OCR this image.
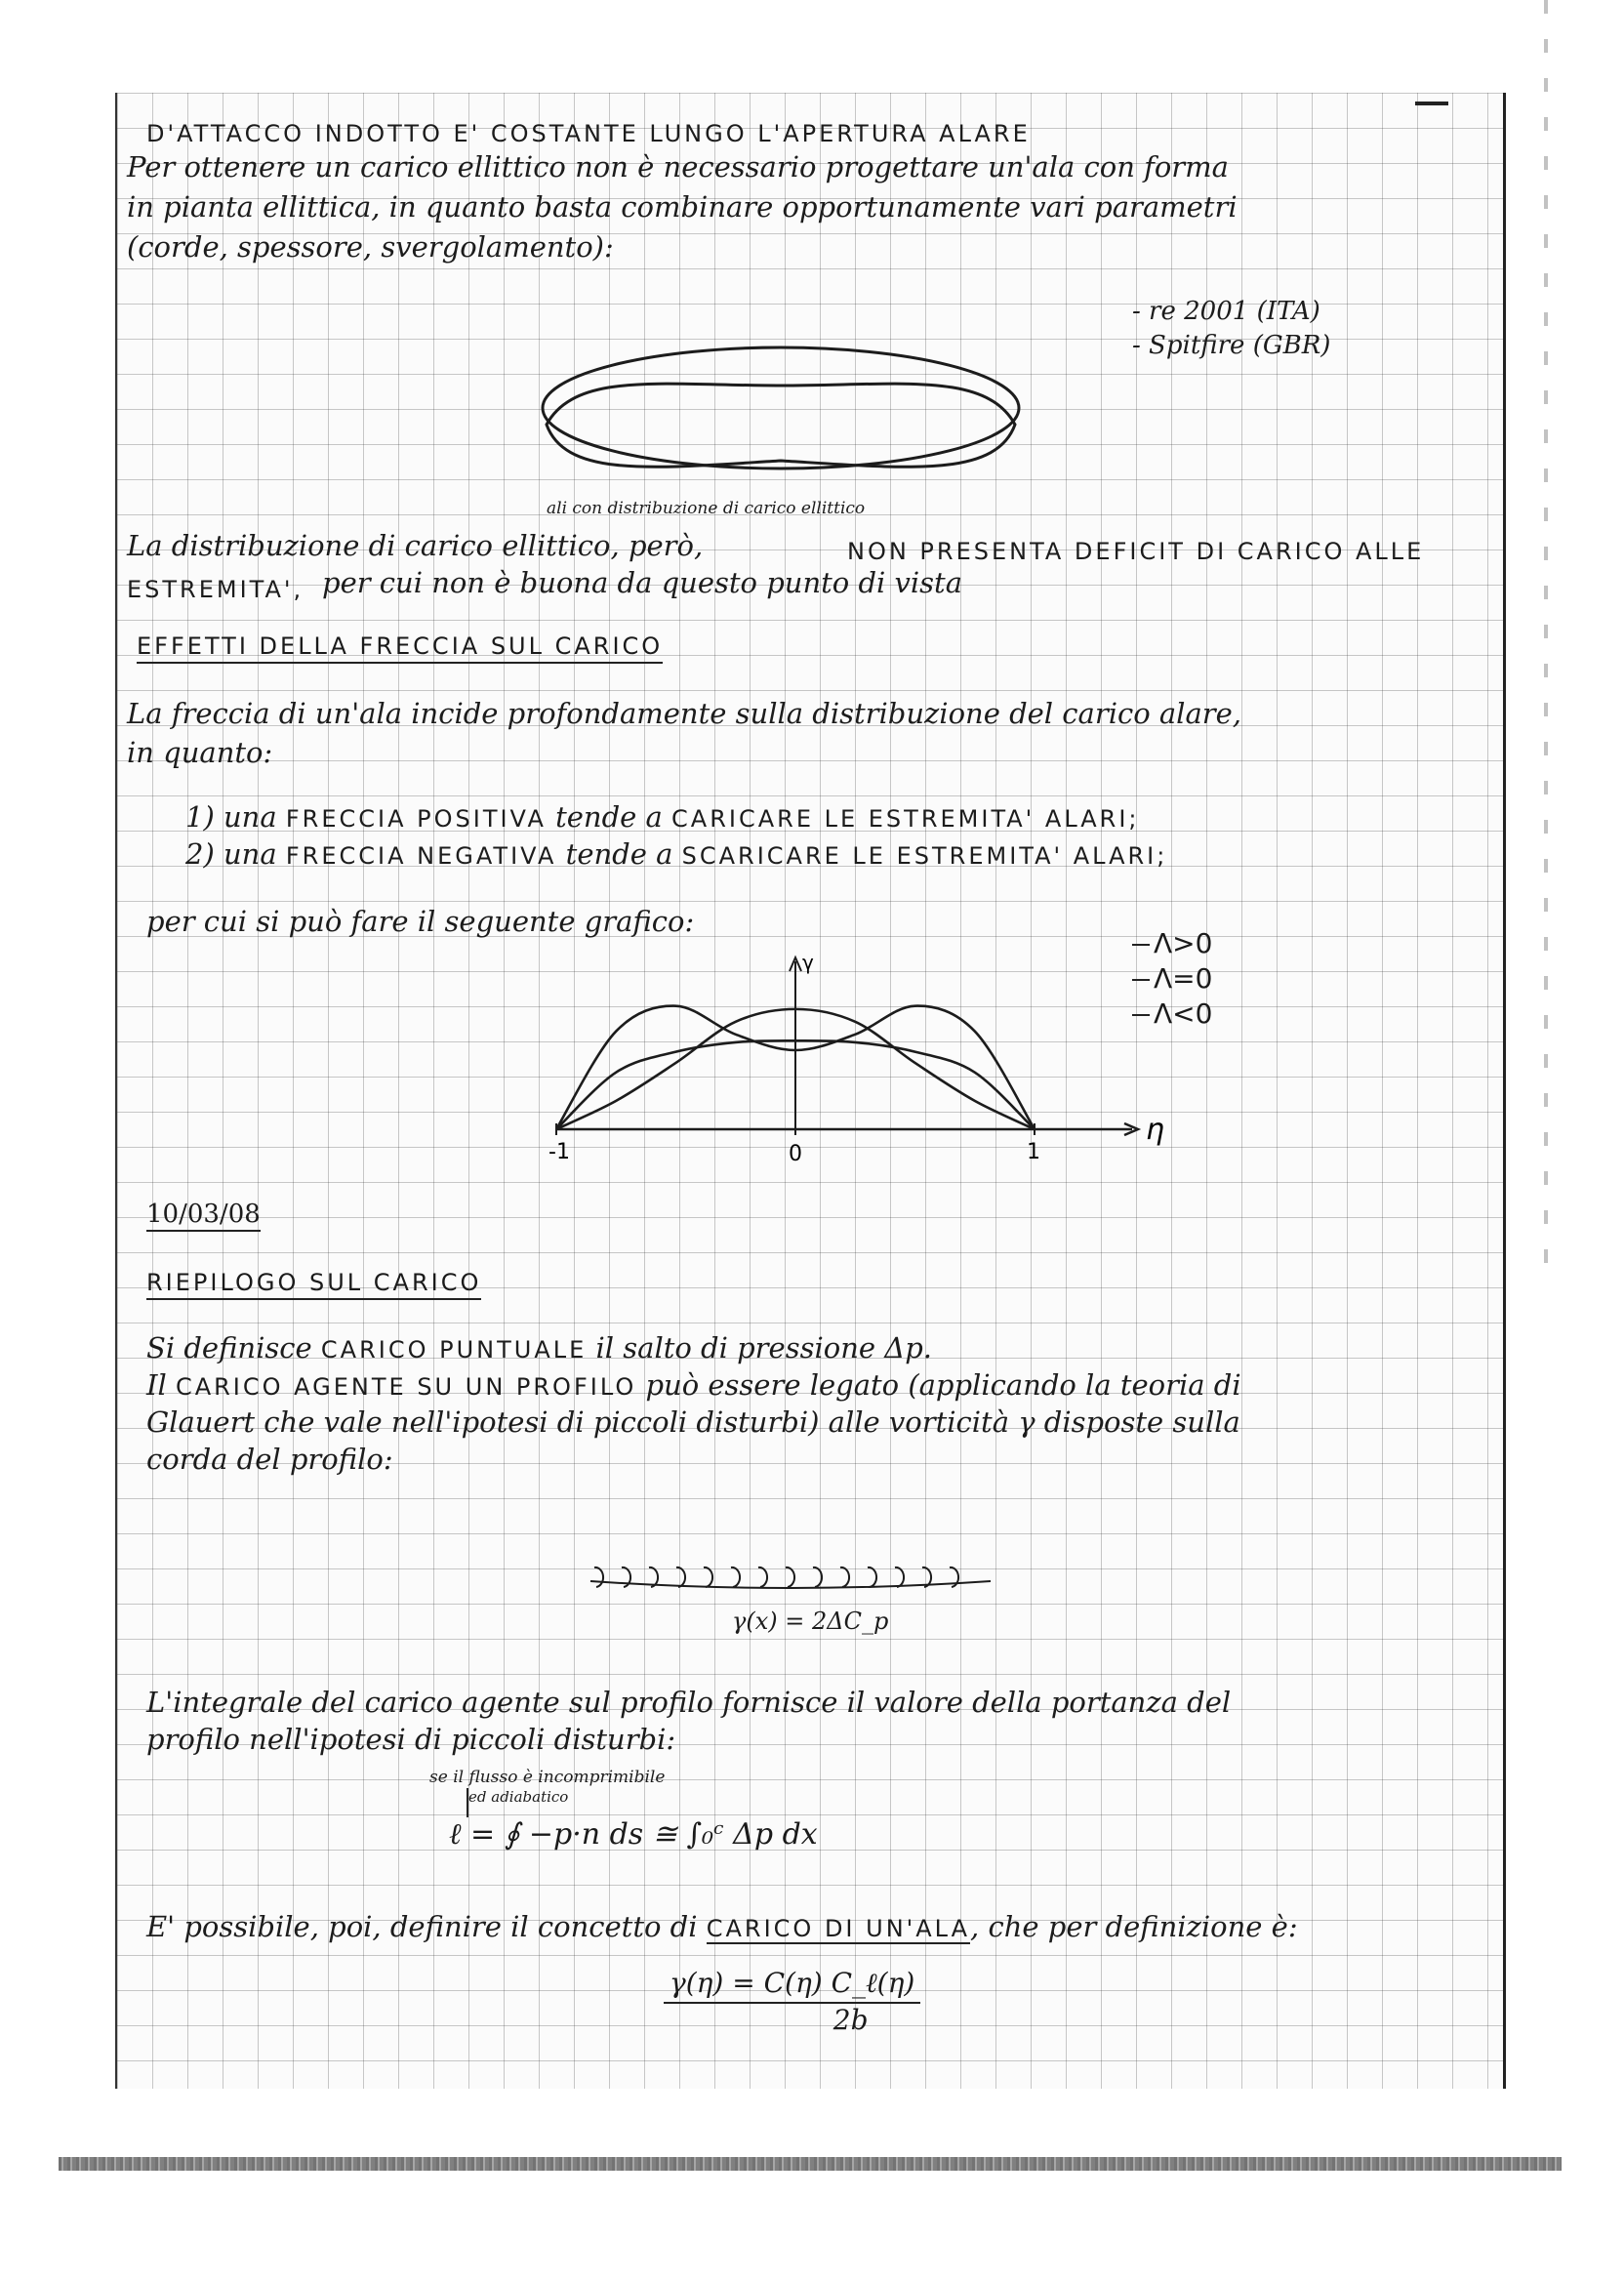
D'ATTACCO INDOTTO E' COSTANTE LUNGO L'APERTURA ALARE

Per ottenere un carico ellittico non è necessario progettare un'ala con forma

in pianta ellittica, in quanto basta combinare opportunamente vari parametri

(corde, spessore, svergolamento):

- re 2001 (ITA)

- Spitfire (GBR)

ali con distribuzione di carico ellittico

La distribuzione di carico ellittico, però,	NON PRESENTA DEFICIT DI CARICO ALLE

ESTREMITA', per cui non è buona da questo punto di vista

EFFETTI DELLA FRECCIA SUL CARICO

La freccia di un'ala incide profondamente sulla distribuzione del carico alare,

in quanto:

1) una FRECCIA POSITIVA tende a CARICARE LE ESTREMITA' ALARI;
2) una FRECCIA NEGATIVA tende a SCARICARE LE ESTREMITA' ALARI;

per cui si può fare il seguente grafico:

γ
η
-1	0	1
Λ>0
Λ=0
Λ<0
10/03/08
RIEPILOGO SUL CARICO
Si definisce CARICO PUNTUALE il salto di pressione Δp.
Il CARICO AGENTE SU UN PROFILO può essere legato (applicando la teoria di

Glauert che vale nell'ipotesi di piccoli disturbi) alle vorticità γ disposte sulla

corda del profilo:

γ(x) = 2ΔC_p

L'integrale del carico agente sul profilo fornisce il valore della portanza del

profilo nell'ipotesi di piccoli disturbi:

se il flusso è incomprimibile

ed adiabatico

ℓ = ∮ −p·n ds ≅ ∫₀ᶜ Δp dx
E' possibile, poi, definire il concetto di CARICO DI UN'ALA, che per definizione è:
γ(η) = C(η) C_ℓ(η)
2b
